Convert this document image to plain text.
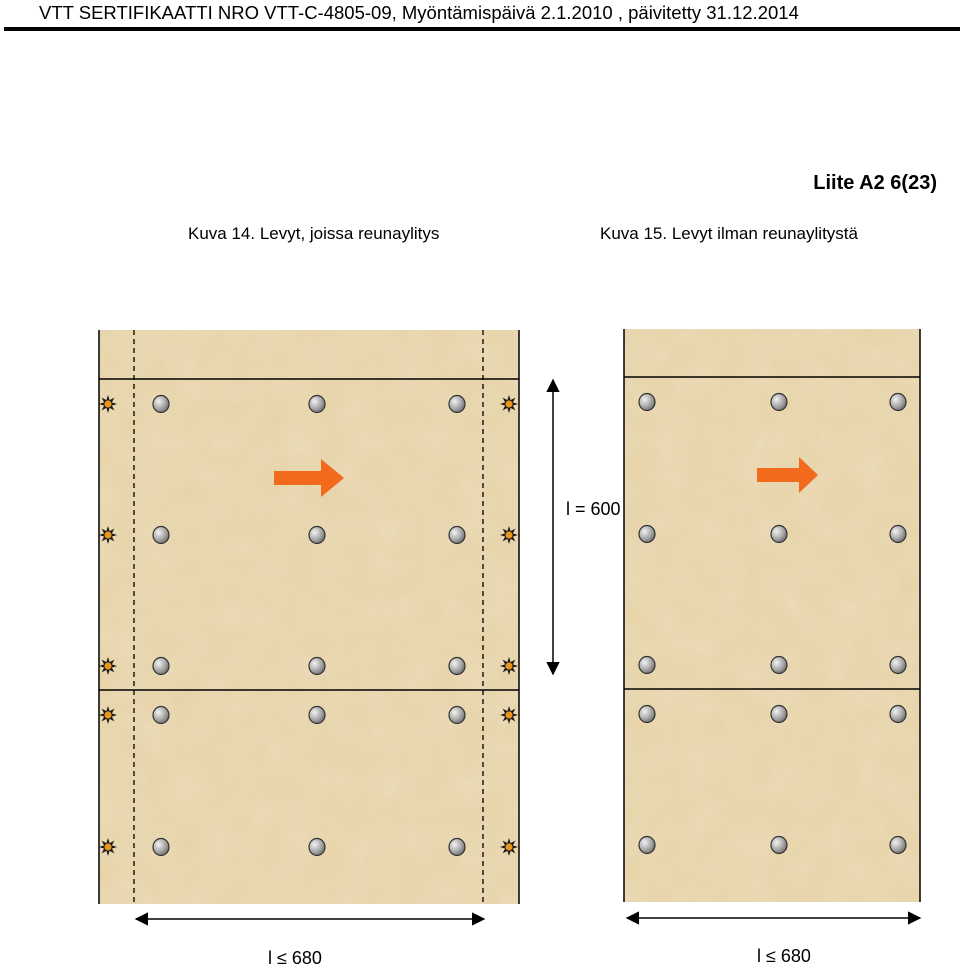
VTT SERTIFIKAATTI NRO VTT-C-4805-09, Myöntämispäivä 2.1.2010 , päivitetty 31.12.2014
Liite A2 6(23)
Kuva 14. Levyt, joissa reunaylitys	Kuva 15. Levyt ilman reunaylitystä
l = 600
l ≤ 680	l ≤ 680
